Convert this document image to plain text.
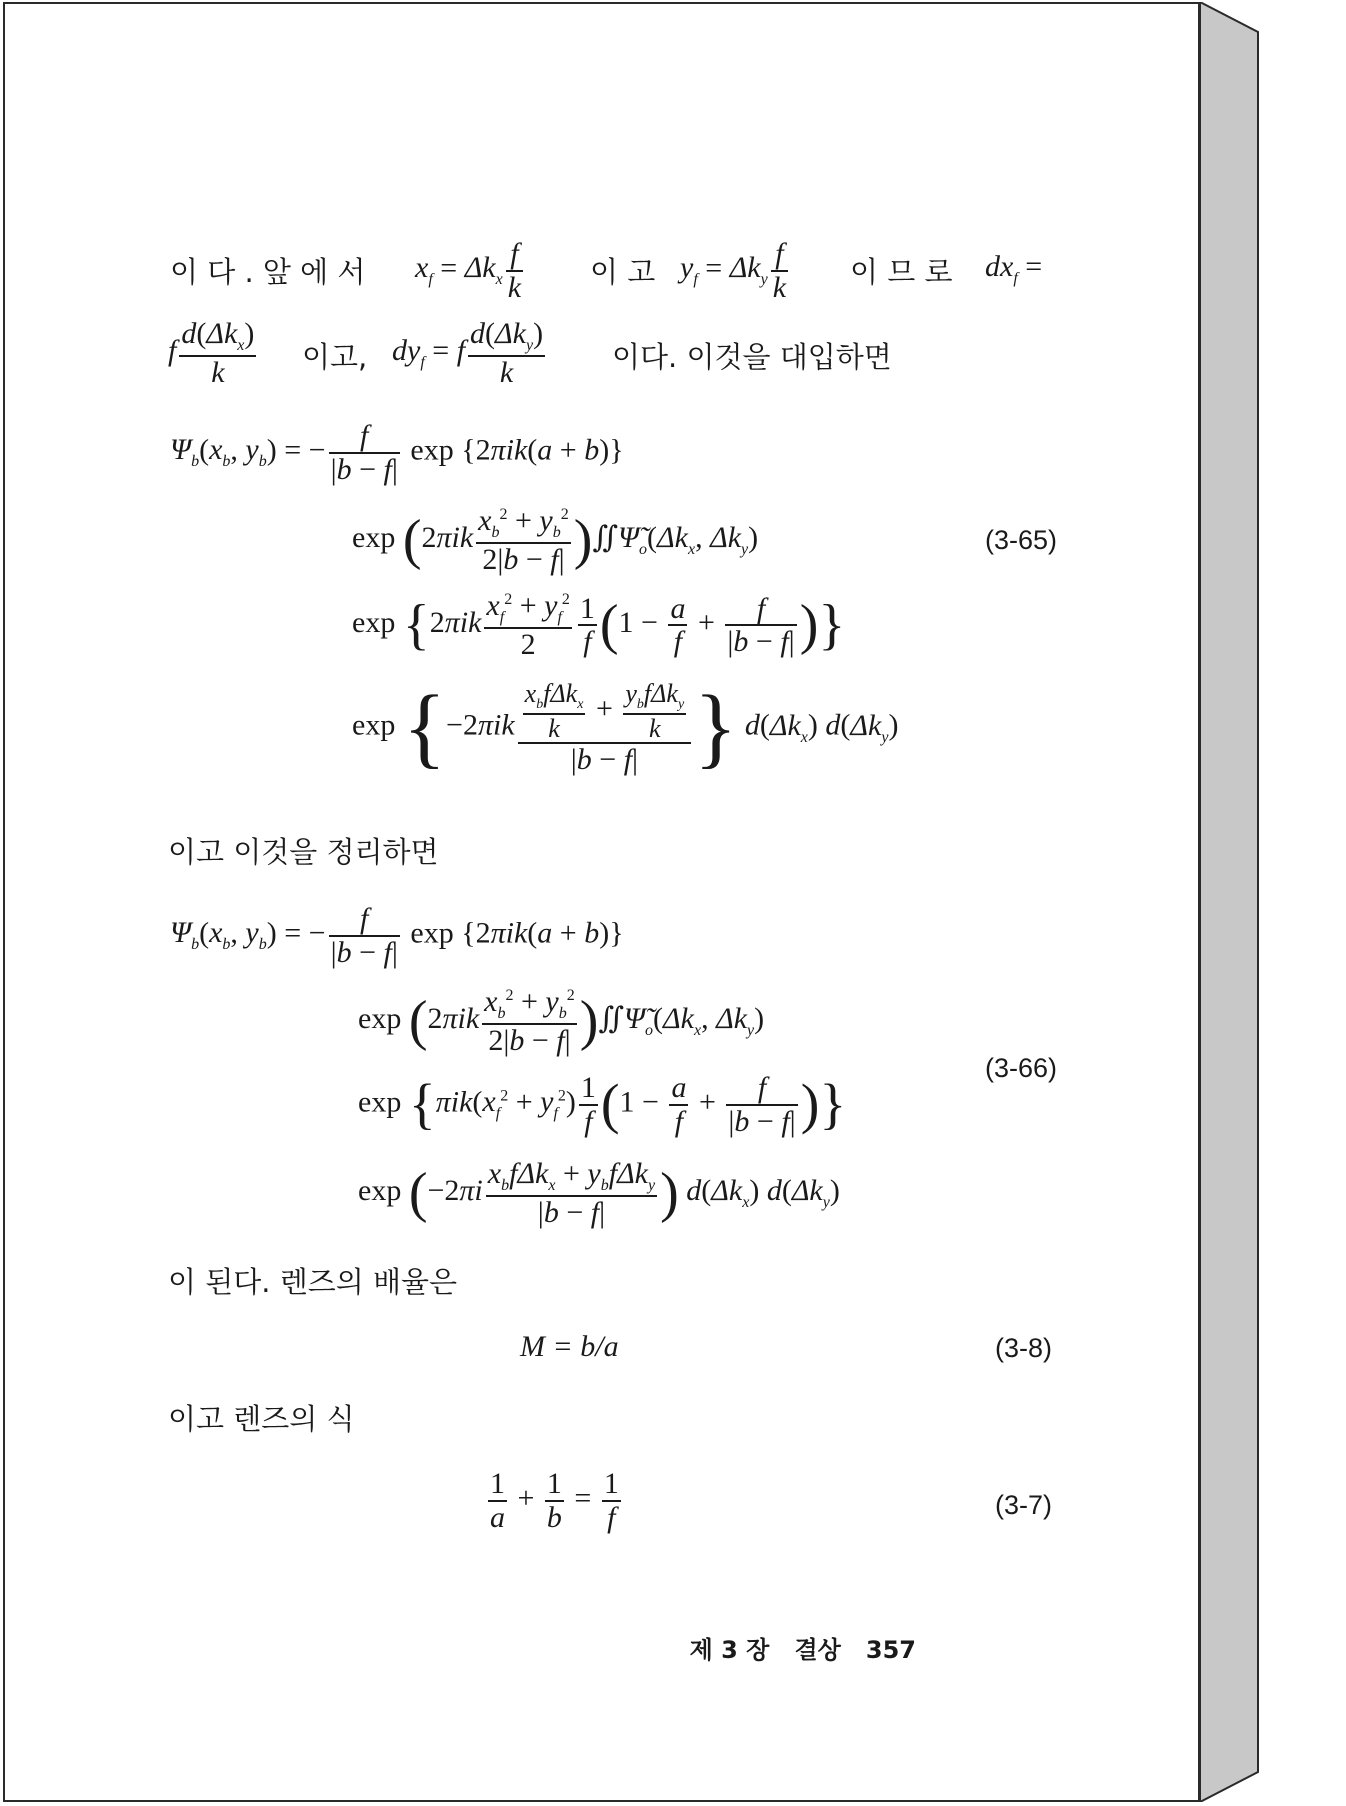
이 다 . 앞 에 서 $x_f = \Delta k_x \frac{f}{k}$ 이 고 $y_f = \Delta k_y \frac{f}{k}$ 이 므 로 $dx_f$ =
f $\frac{d(\Delta k_x)}{k}$ 이고, $dy_f = f \frac{d(\Delta k_y)}{k}$ 이다. 이것을 대입하면
$\Psi_b(x_b$, $y_b$) = − $\frac{f}{|b - f|}$ exp {2πik(a + b)}
$\exp (2\pi ik \frac{x_b^2 + y_b^2}{2|b - f|}$ )$∬\Psĩ_o(\Delta k_x$, $\Delta k_y$)	(3-65)
$\exp \{2\pi ik \frac{x_f^2 + y_f^2}{2} \frac{1}{f} (1 - \frac{a}{f} + \frac{f}{|b - f|}$ )}
$\exp \{-2\pi ik \frac{\frac{x_bf\Delta k_x}{k} + \frac{y_bf\Delta k_y}{k}}{|b - f|}$ } $d(\Delta k_x)$ $d(\Delta k_y)$
이고 이것을 정리하면
$\Psi_b(x_b$, $y_b$) = − $\frac{f}{|b - f|}$ exp {2πik(a + b)}
$\exp (2\pi ik \frac{x_b^2 + y_b^2}{2|b - f|}$ )$∬\Psĩ_o(\Delta k_x$, $\Delta k_y$)
(3-66)
$\exp \{\pi ik(x_f^2 + y_f^2) \frac{1}{f} (1 - \frac{a}{f} + \frac{f}{|b - f|}$ )}
$\exp (-2\pi i \frac{x_bf\Delta k_x + y_bf\Delta k_y}{|b - f|}$ ) $d(\Delta k_x)$ $d(\Delta k_y)$
이 된다. 렌즈의 배율은
M = b/a	(3-8)
이고 렌즈의 식
$\frac{1}{a} + \frac{1}{b} = \frac{1}{f}$	(3-7)
제 3 장 결상 357
